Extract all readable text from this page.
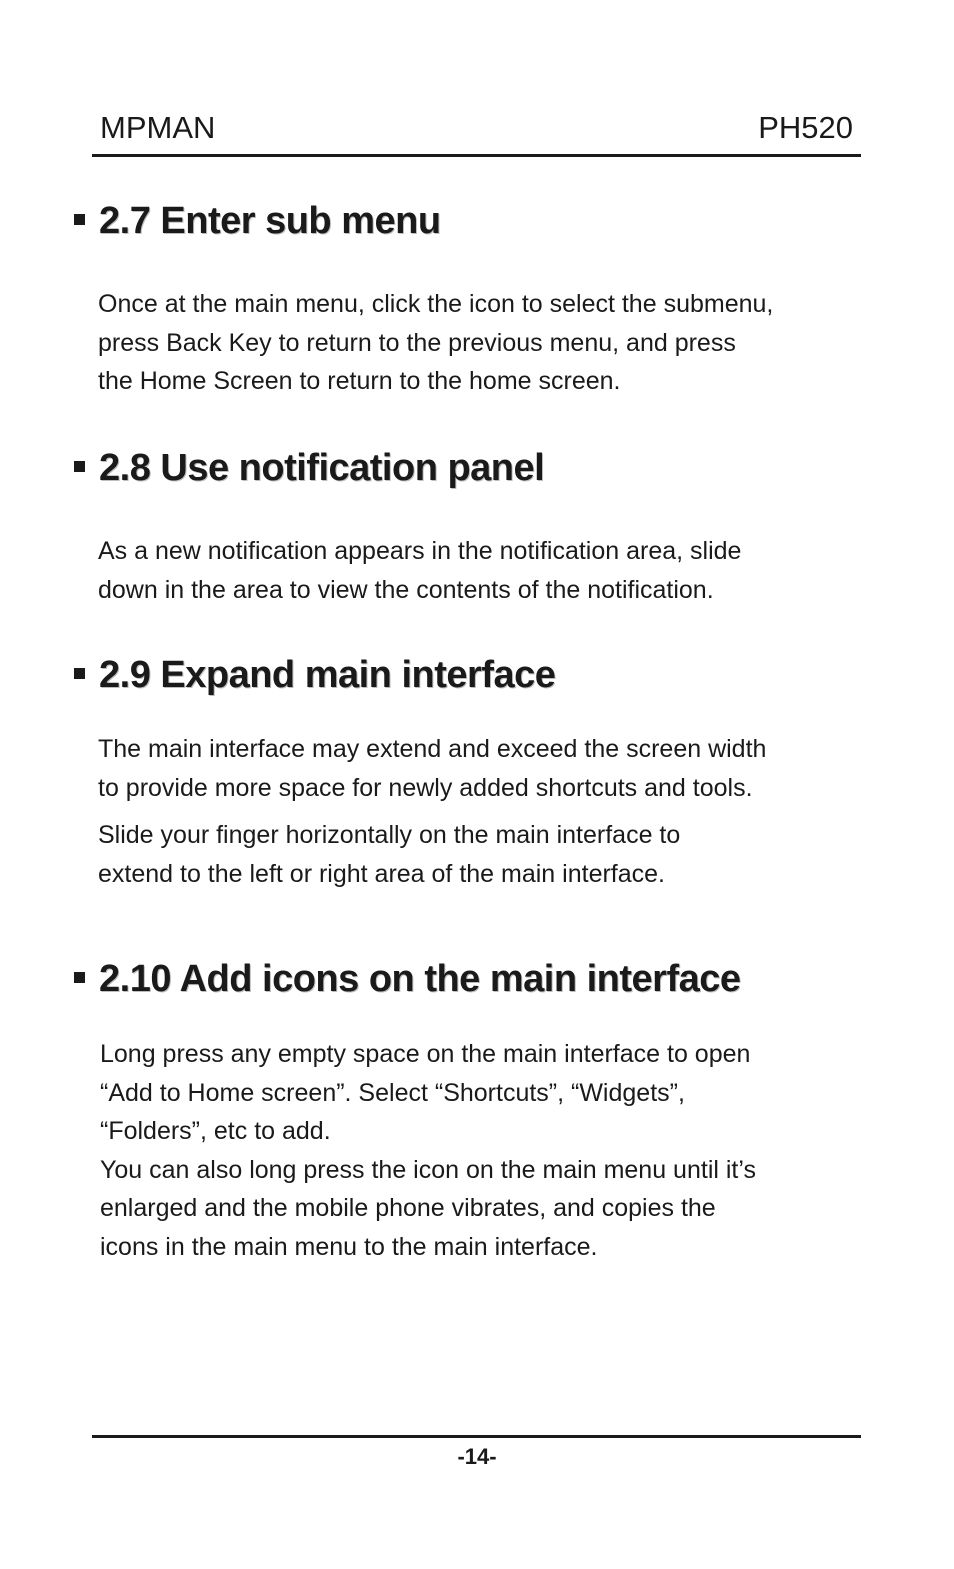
MPMAN	PH520
2.7 Enter sub menu

Once at the main menu, click the icon to select the submenu,
press Back Key to return to the previous menu, and press
the Home Screen to return to the home screen.

2.8 Use notification panel

As a new notification appears in the notification area, slide
down in the area to view the contents of the notification.

2.9 Expand main interface

The main interface may extend and exceed the screen width
to provide more space for newly added shortcuts and tools.

Slide your finger horizontally on the main interface to
extend to the left or right area of the main interface.

2.10 Add icons on the main interface

Long press any empty space on the main interface to open
“Add to Home screen”. Select “Shortcuts”, “Widgets”,
“Folders”, etc to add.
You can also long press the icon on the main menu until it’s
enlarged and the mobile phone vibrates, and copies the
icons in the main menu to the main interface.

-14-
